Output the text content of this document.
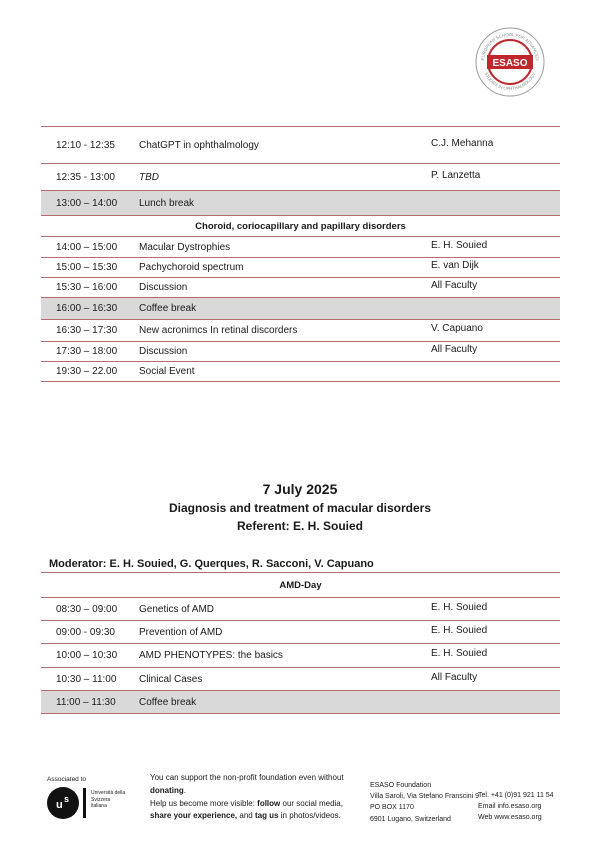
ESASO
EUROPEAN SCHOOL FOR ADVANCED
STUDIES IN OPHTHALMOLOGY
12:10 - 12:35 ChatGPT in ophthalmology	C.J. Mehanna
12:35 - 13:00 TBD	P. Lanzetta
13:00 – 14:00 Lunch break
Choroid, coriocapillary and papillary disorders
14:00 – 15:00 Macular Dystrophies	E. H. Souied
15:00 – 15:30 Pachychoroid spectrum	E. van Dijk
15:30 – 16:00 Discussion	All Faculty
16:00 – 16:30 Coffee break
16:30 – 17:30 New acronimcs In retinal discorders	V. Capuano
17:30 – 18:00 Discussion	All Faculty
19:30 – 22.00 Social Event
7 July 2025
Diagnosis and treatment of macular disorders
Referent: E. H. Souied
Moderator: E. H. Souied, G. Querques, R. Sacconi, V. Capuano
AMD-Day
08:30 – 09:00 Genetics of AMD	E. H. Souied
09:00 - 09:30 Prevention of AMD	E. H. Souied
10:00 – 10:30 AMD PHENOTYPES: the basics	E. H. Souied
10:30 – 11:00 Clinical Cases	All Faculty
11:00 – 11:30 Coffee break
Associated to
u s
Università della Svizzera italiana
You can support the non-profit foundation even without donating.
Help us become more visible: follow our social media,
share your experience, and tag us in photos/videos.
ESASO Foundation
Villa Saroli, Via Stefano Franscini 9
PO BOX 1170
6901 Lugano, Switzerland
Tel. +41 (0)91 921 11 54
Email info.esaso.org
Web www.esaso.org
